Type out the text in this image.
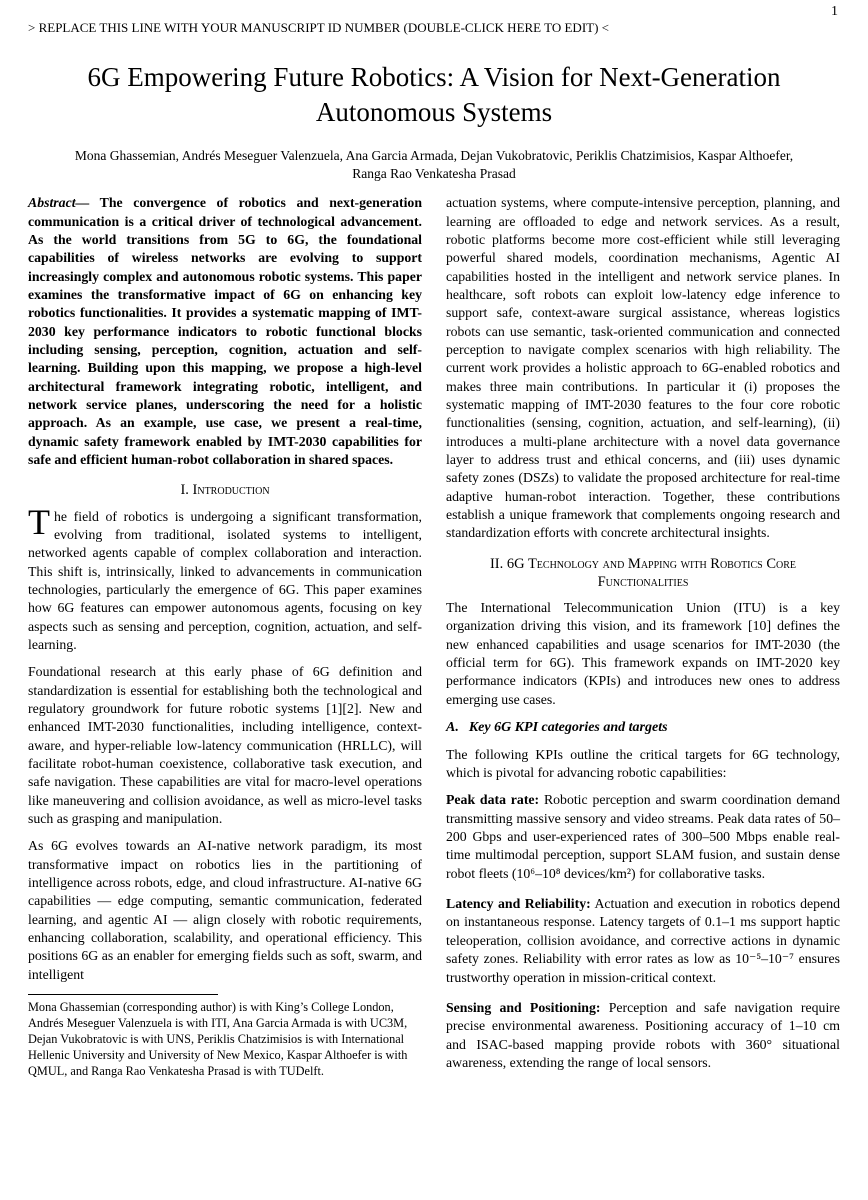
1
> REPLACE THIS LINE WITH YOUR MANUSCRIPT ID NUMBER (DOUBLE-CLICK HERE TO EDIT) <
6G Empowering Future Robotics: A Vision for Next-Generation Autonomous Systems
Mona Ghassemian, Andrés Meseguer Valenzuela, Ana Garcia Armada, Dejan Vukobratovic, Periklis Chatzimisios, Kaspar Althoefer, Ranga Rao Venkatesha Prasad

Abstract— The convergence of robotics and next-generation communication is a critical driver of technological advancement. As the world transitions from 5G to 6G, the foundational capabilities of wireless networks are evolving to support increasingly complex and autonomous robotic systems. This paper examines the transformative impact of 6G on enhancing key robotics functionalities. It provides a systematic mapping of IMT-2030 key performance indicators to robotic functional blocks including sensing, perception, cognition, actuation and self-learning. Building upon this mapping, we propose a high-level architectural framework integrating robotic, intelligent, and network service planes, underscoring the need for a holistic approach. As an example, use case, we present a real-time, dynamic safety framework enabled by IMT-2030 capabilities for safe and efficient human-robot collaboration in shared spaces.

I. Introduction

The field of robotics is undergoing a significant transformation, evolving from traditional, isolated systems to intelligent, networked agents capable of complex collaboration and interaction. This shift is, intrinsically, linked to advancements in communication technologies, particularly the emergence of 6G. This paper examines how 6G features can empower autonomous agents, focusing on key aspects such as sensing and perception, cognition, actuation, and self-learning.

Foundational research at this early phase of 6G definition and standardization is essential for establishing both the technological and regulatory groundwork for future robotic systems [1][2]. New and enhanced IMT-2030 functionalities, including intelligence, context-aware, and hyper-reliable low-latency communication (HRLLC), will facilitate robot-human coexistence, collaborative task execution, and safe navigation. These capabilities are vital for macro-level operations like maneuvering and collision avoidance, as well as micro-level tasks such as grasping and manipulation.

As 6G evolves towards an AI-native network paradigm, its most transformative impact on robotics lies in the partitioning of intelligence across robots, edge, and cloud infrastructure. AI-native 6G capabilities — edge computing, semantic communication, federated learning, and agentic AI — align closely with robotic requirements, enhancing collaboration, scalability, and operational efficiency. This positions 6G as an enabler for emerging fields such as soft, swarm, and intelligent

Mona Ghassemian (corresponding author) is with King’s College London, Andrés Meseguer Valenzuela is with ITI, Ana Garcia Armada is with UC3M, Dejan Vukobratovic is with UNS, Periklis Chatzimisios is with International Hellenic University and University of New Mexico, Kaspar Althoefer is with QMUL, and Ranga Rao Venkatesha Prasad is with TUDelft.

actuation systems, where compute-intensive perception, planning, and learning are offloaded to edge and network services. As a result, robotic platforms become more cost-efficient while still leveraging powerful shared models, coordination mechanisms, Agentic AI capabilities hosted in the intelligent and network service planes. In healthcare, soft robots can exploit low-latency edge inference to support safe, context-aware surgical assistance, whereas logistics robots can use semantic, task-oriented communication and connected perception to navigate complex scenarios with high reliability. The current work provides a holistic approach to 6G-enabled robotics and makes three main contributions. In particular it (i) proposes the systematic mapping of IMT-2030 features to the four core robotic functionalities (sensing, cognition, actuation, and self-learning), (ii) introduces a multi-plane architecture with a novel data governance layer to address trust and ethical concerns, and (iii) uses dynamic safety zones (DSZs) to validate the proposed architecture for real-time adaptive human-robot interaction. Together, these contributions establish a unique framework that complements ongoing research and standardization efforts with concrete architectural insights.

II. 6G Technology and Mapping with Robotics Core Functionalities

The International Telecommunication Union (ITU) is a key organization driving this vision, and its framework [10] defines the new enhanced capabilities and usage scenarios for IMT-2030 (the official term for 6G). This framework expands on IMT-2020 key performance indicators (KPIs) and introduces new ones to address emerging use cases.

A. Key 6G KPI categories and targets

The following KPIs outline the critical targets for 6G technology, which is pivotal for advancing robotic capabilities:

Peak data rate: Robotic perception and swarm coordination demand transmitting massive sensory and video streams. Peak data rates of 50–200 Gbps and user-experienced rates of 300–500 Mbps enable real-time multimodal perception, support SLAM fusion, and sustain dense robot fleets (10⁶–10⁸ devices/km²) for collaborative tasks.

Latency and Reliability: Actuation and execution in robotics depend on instantaneous response. Latency targets of 0.1–1 ms support haptic teleoperation, collision avoidance, and corrective actions in dynamic safety zones. Reliability with error rates as low as 10⁻⁵–10⁻⁷ ensures trustworthy operation in mission-critical context.

Sensing and Positioning: Perception and safe navigation require precise environmental awareness. Positioning accuracy of 1–10 cm and ISAC-based mapping provide robots with 360° situational awareness, extending the range of local sensors.
